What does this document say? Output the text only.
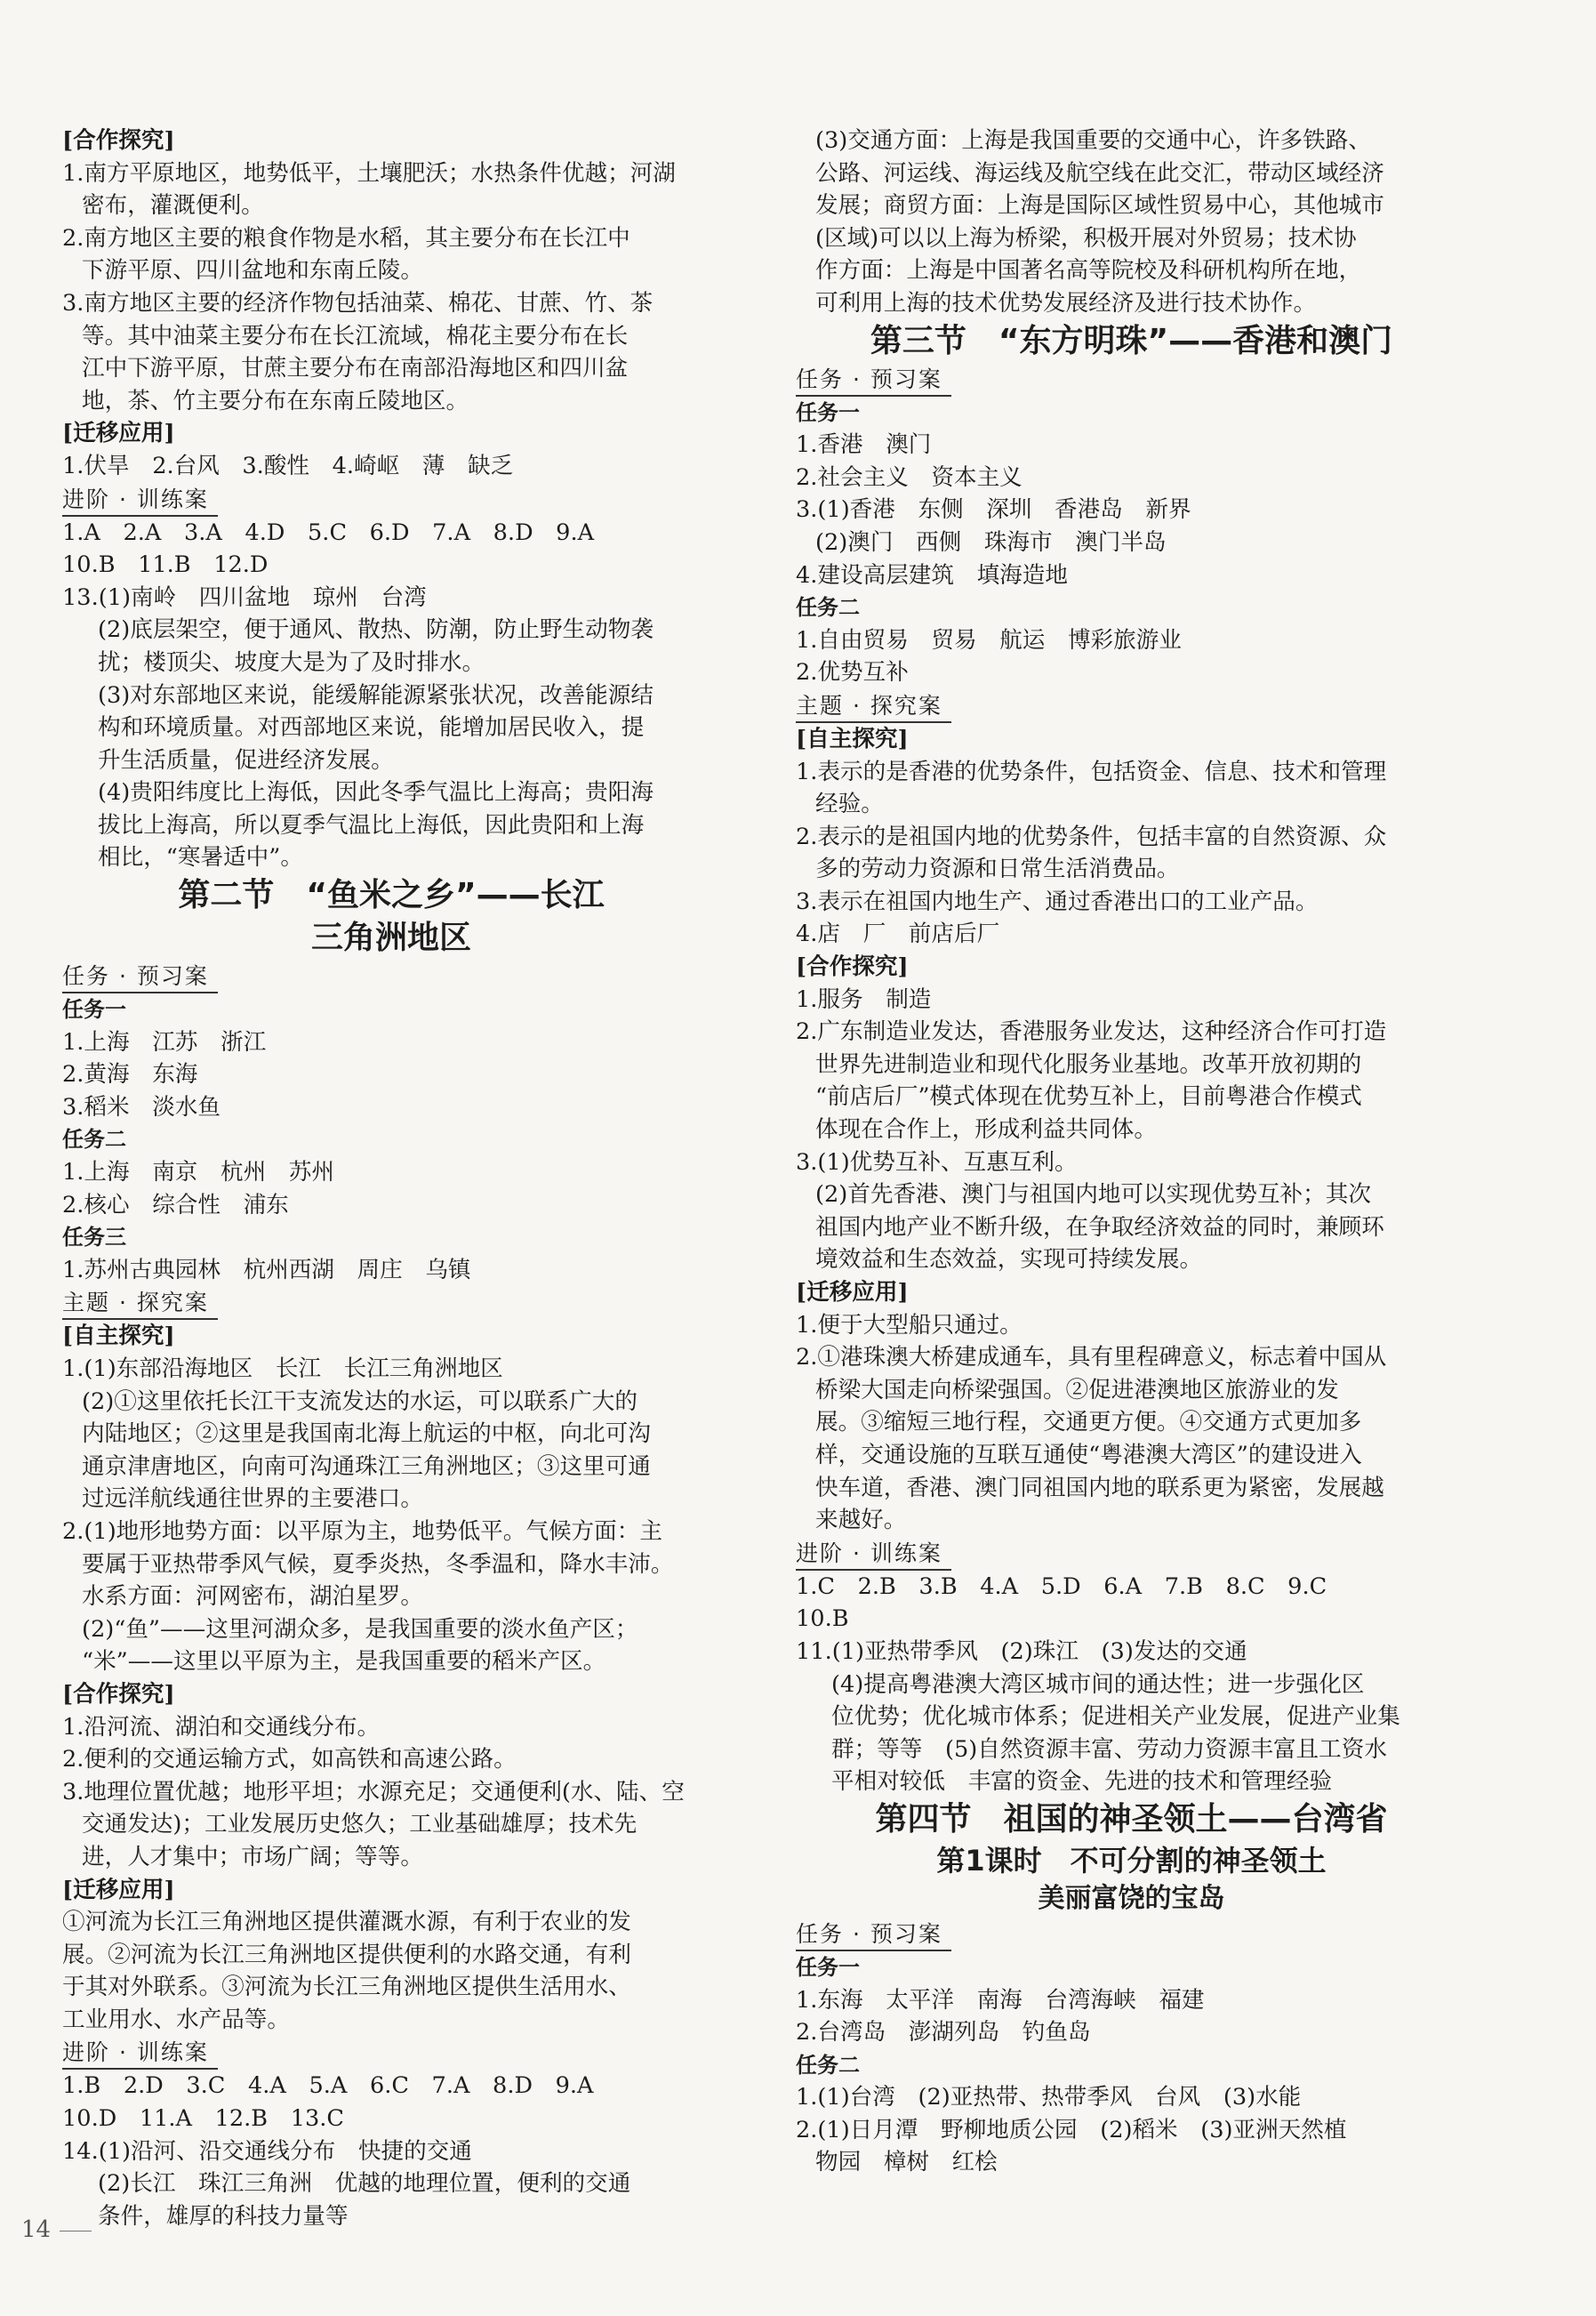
[合作探究]
1.南方平原地区，地势低平，土壤肥沃；水热条件优越；河湖
密布，灌溉便利。
2.南方地区主要的粮食作物是水稻，其主要分布在长江中
下游平原、四川盆地和东南丘陵。
3.南方地区主要的经济作物包括油菜、棉花、甘蔗、竹、茶
等。其中油菜主要分布在长江流域，棉花主要分布在长
江中下游平原，甘蔗主要分布在南部沿海地区和四川盆
地，茶、竹主要分布在东南丘陵地区。
[迁移应用]
1.伏旱　2.台风　3.酸性　4.崎岖　薄　缺乏
进阶 · 训练案
1.A　2.A　3.A　4.D　5.C　6.D　7.A　8.D　9.A
10.B　11.B　12.D
13.(1)南岭　四川盆地　琼州　台湾
(2)底层架空，便于通风、散热、防潮，防止野生动物袭
扰；楼顶尖、坡度大是为了及时排水。
(3)对东部地区来说，能缓解能源紧张状况，改善能源结
构和环境质量。对西部地区来说，能增加居民收入，提
升生活质量，促进经济发展。
(4)贵阳纬度比上海低，因此冬季气温比上海高；贵阳海
拔比上海高，所以夏季气温比上海低，因此贵阳和上海
相比，“寒暑适中”。
第二节　“鱼米之乡”——长江
三角洲地区
任务 · 预习案
任务一
1.上海　江苏　浙江
2.黄海　东海
3.稻米　淡水鱼
任务二
1.上海　南京　杭州　苏州
2.核心　综合性　浦东
任务三
1.苏州古典园林　杭州西湖　周庄　乌镇
主题 · 探究案
[自主探究]
1.(1)东部沿海地区　长江　长江三角洲地区
(2)①这里依托长江干支流发达的水运，可以联系广大的
内陆地区；②这里是我国南北海上航运的中枢，向北可沟
通京津唐地区，向南可沟通珠江三角洲地区；③这里可通
过远洋航线通往世界的主要港口。
2.(1)地形地势方面：以平原为主，地势低平。气候方面：主
要属于亚热带季风气候，夏季炎热，冬季温和，降水丰沛。
水系方面：河网密布，湖泊星罗。
(2)“鱼”——这里河湖众多，是我国重要的淡水鱼产区；
“米”——这里以平原为主，是我国重要的稻米产区。
[合作探究]
1.沿河流、湖泊和交通线分布。
2.便利的交通运输方式，如高铁和高速公路。
3.地理位置优越；地形平坦；水源充足；交通便利(水、陆、空
交通发达)；工业发展历史悠久；工业基础雄厚；技术先
进，人才集中；市场广阔；等等。
[迁移应用]
①河流为长江三角洲地区提供灌溉水源，有利于农业的发
展。②河流为长江三角洲地区提供便利的水路交通，有利
于其对外联系。③河流为长江三角洲地区提供生活用水、
工业用水、水产品等。
进阶 · 训练案
1.B　2.D　3.C　4.A　5.A　6.C　7.A　8.D　9.A
10.D　11.A　12.B　13.C
14.(1)沿河、沿交通线分布　快捷的交通
(2)长江　珠江三角洲　优越的地理位置，便利的交通
条件，雄厚的科技力量等
(3)交通方面：上海是我国重要的交通中心，许多铁路、
公路、河运线、海运线及航空线在此交汇，带动区域经济
发展；商贸方面：上海是国际区域性贸易中心，其他城市
(区域)可以以上海为桥梁，积极开展对外贸易；技术协
作方面：上海是中国著名高等院校及科研机构所在地，
可利用上海的技术优势发展经济及进行技术协作。
第三节　“东方明珠”——香港和澳门
任务 · 预习案
任务一
1.香港　澳门
2.社会主义　资本主义
3.(1)香港　东侧　深圳　香港岛　新界
(2)澳门　西侧　珠海市　澳门半岛
4.建设高层建筑　填海造地
任务二
1.自由贸易　贸易　航运　博彩旅游业
2.优势互补
主题 · 探究案
[自主探究]
1.表示的是香港的优势条件，包括资金、信息、技术和管理
经验。
2.表示的是祖国内地的优势条件，包括丰富的自然资源、众
多的劳动力资源和日常生活消费品。
3.表示在祖国内地生产、通过香港出口的工业产品。
4.店　厂　前店后厂
[合作探究]
1.服务　制造
2.广东制造业发达，香港服务业发达，这种经济合作可打造
世界先进制造业和现代化服务业基地。改革开放初期的
“前店后厂”模式体现在优势互补上，目前粤港合作模式
体现在合作上，形成利益共同体。
3.(1)优势互补、互惠互利。
(2)首先香港、澳门与祖国内地可以实现优势互补；其次
祖国内地产业不断升级，在争取经济效益的同时，兼顾环
境效益和生态效益，实现可持续发展。
[迁移应用]
1.便于大型船只通过。
2.①港珠澳大桥建成通车，具有里程碑意义，标志着中国从
桥梁大国走向桥梁强国。②促进港澳地区旅游业的发
展。③缩短三地行程，交通更方便。④交通方式更加多
样，交通设施的互联互通使“粤港澳大湾区”的建设进入
快车道，香港、澳门同祖国内地的联系更为紧密，发展越
来越好。
进阶 · 训练案
1.C　2.B　3.B　4.A　5.D　6.A　7.B　8.C　9.C
10.B
11.(1)亚热带季风　(2)珠江　(3)发达的交通
(4)提高粤港澳大湾区城市间的通达性；进一步强化区
位优势；优化城市体系；促进相关产业发展，促进产业集
群；等等　(5)自然资源丰富、劳动力资源丰富且工资水
平相对较低　丰富的资金、先进的技术和管理经验
第四节　祖国的神圣领土——台湾省
第1课时　不可分割的神圣领土
美丽富饶的宝岛
任务 · 预习案
任务一
1.东海　太平洋　南海　台湾海峡　福建
2.台湾岛　澎湖列岛　钓鱼岛
任务二
1.(1)台湾　(2)亚热带、热带季风　台风　(3)水能
2.(1)日月潭　野柳地质公园　(2)稻米　(3)亚洲天然植
物园　樟树　红桧
14
